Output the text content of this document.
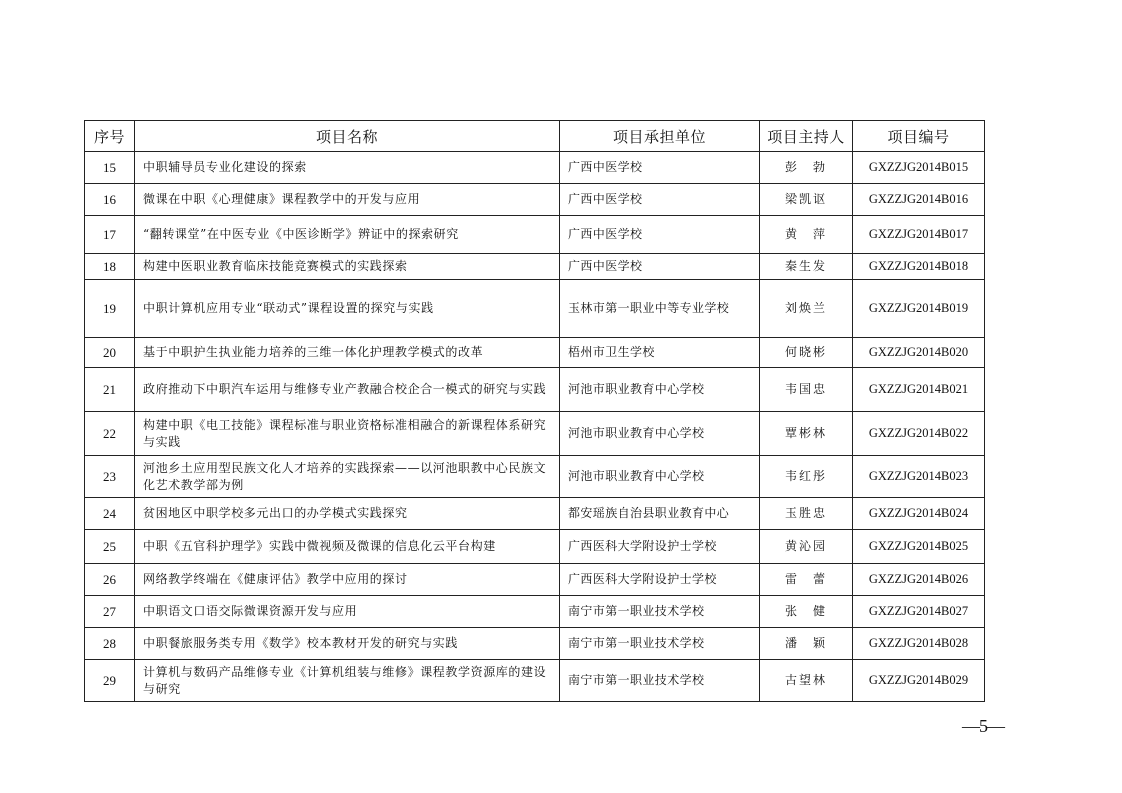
序号	项目名称	项目承担单位	项目主持人	项目编号
15	中职辅导员专业化建设的探索	广西中医学校	彭　勃	GXZZJG2014B015
16	微课在中职《心理健康》课程教学中的开发与应用	广西中医学校	梁凯讴	GXZZJG2014B016
17	“翻转课堂”在中医专业《中医诊断学》辨证中的探索研究	广西中医学校	黄　萍	GXZZJG2014B017
18	构建中医职业教育临床技能竞赛模式的实践探索	广西中医学校	秦生发	GXZZJG2014B018
19	中职计算机应用专业“联动式”课程设置的探究与实践	玉林市第一职业中等专业学校	刘焕兰	GXZZJG2014B019
20	基于中职护生执业能力培养的三维一体化护理教学模式的改革	梧州市卫生学校	何晓彬	GXZZJG2014B020
21	政府推动下中职汽车运用与维修专业产教融合校企合一模式的研究与实践	河池市职业教育中心学校	韦国忠	GXZZJG2014B021
22	构建中职《电工技能》课程标准与职业资格标准相融合的新课程体系研究与实践	河池市职业教育中心学校	覃彬林	GXZZJG2014B022
23	河池乡土应用型民族文化人才培养的实践探索——以河池职教中心民族文化艺术教学部为例	河池市职业教育中心学校	韦红彤	GXZZJG2014B023
24	贫困地区中职学校多元出口的办学模式实践探究	都安瑶族自治县职业教育中心	玉胜忠	GXZZJG2014B024
25	中职《五官科护理学》实践中微视频及微课的信息化云平台构建	广西医科大学附设护士学校	黄沁园	GXZZJG2014B025
26	网络教学终端在《健康评估》教学中应用的探讨	广西医科大学附设护士学校	雷　蕾	GXZZJG2014B026
27	中职语文口语交际微课资源开发与应用	南宁市第一职业技术学校	张　健	GXZZJG2014B027
28	中职餐旅服务类专用《数学》校本教材开发的研究与实践	南宁市第一职业技术学校	潘　颖	GXZZJG2014B028
29	计算机与数码产品维修专业《计算机组装与维修》课程教学资源库的建设与研究	南宁市第一职业技术学校	古望林	GXZZJG2014B029
—5—
